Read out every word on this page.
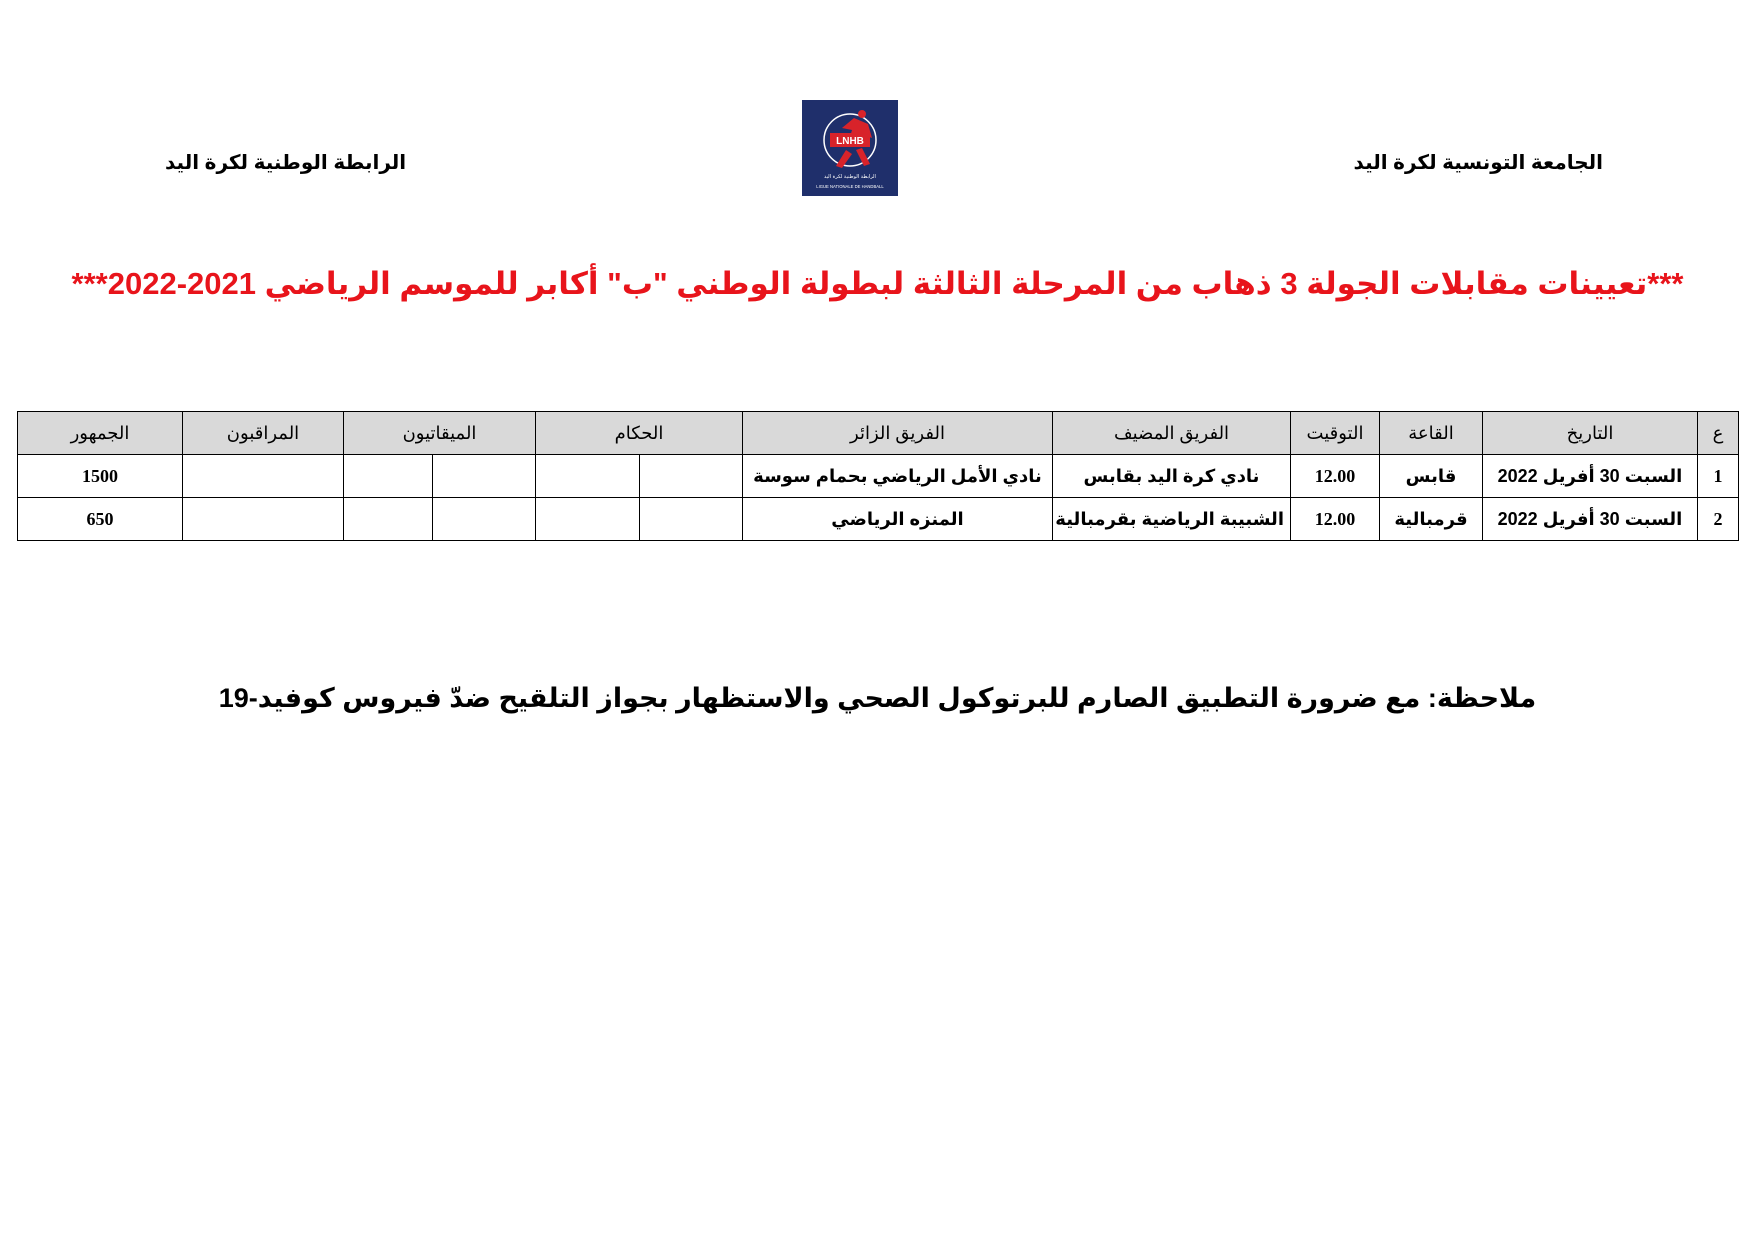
الجامعة التونسية لكرة اليد
LNHB
الرابطة الوطنية لكرة اليد
LIGUE NATIONALE DE HANDBALL
الرابطة الوطنية لكرة اليد
***تعيينات مقابلات الجولة 3 ذهاب من المرحلة الثالثة لبطولة الوطني "ب" أكابر للموسم الرياضي 2021-2022***
ع	التاريخ	القاعة	التوقيت	الفريق المضيف	الفريق الزائر	الحكام		الميقاتيون		المراقبون	الجمهور
1	السبت 30 أفريل 2022	قابس	12.00	نادي كرة اليد بقابس	نادي الأمل الرياضي بحمام سوسة						1500
2	السبت 30 أفريل 2022	قرمبالية	12.00	الشبيبة الرياضية بقرمبالية	المنزه الرياضي						650
ملاحظة: مع ضرورة التطبيق الصارم للبرتوكول الصحي والاستظهار بجواز التلقيح ضدّ فيروس كوفيد-19
